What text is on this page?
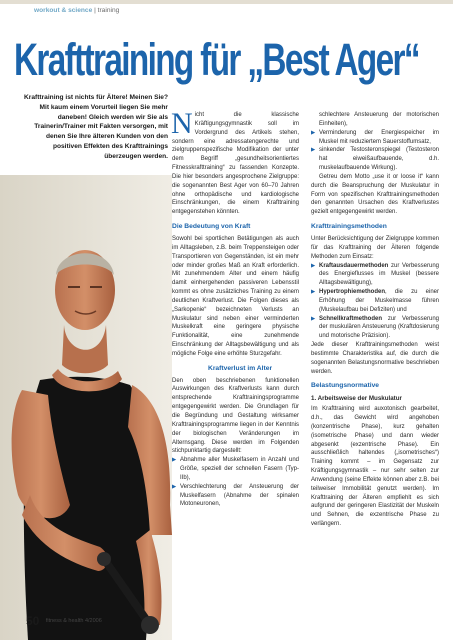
workout & science | training
Krafttraining für „Best Ager“

Krafttraining ist nichts für Ältere! Meinen Sie? Mit kaum einem Vorurteil liegen Sie mehr daneben! Gleich werden wir Sie als Trainerin/Trainer mit Fakten versorgen, mit denen Sie Ihre älteren Kunden von den positiven Effekten des Krafttrainings überzeugen werden.

Nicht die klassische Kräftigungsgymnastik soll im Vordergrund des Artikels stehen, sondern eine adressatengerechte und zielgruppenspezifische Modifikation der unter dem Begriff „gesundheitsorientiertes Fitnesskrafttraining“ zu fassenden Konzepte. Die hier besonders angesprochene Zielgruppe: die sogenannten Best Ager von 60–70 Jahren ohne orthopädische und kardiologische Einschränkungen, die einem Krafttraining entgegenstehen könnten.

Die Bedeutung von Kraft

Sowohl bei sportlichen Betätigungen als auch im Alltagsleben, z.B. beim Treppensteigen oder Transportieren von Gegenständen, ist ein mehr oder minder großes Maß an Kraft erforderlich. Mit zunehmendem Alter und einem häufig damit einhergehenden passiveren Lebensstil kommt es ohne zusätzliches Training zu einem deutlichen Kraftverlust. Die Folgen dieses als „Sarkopenie“ bezeichneten Verlusts an Muskulatur sind neben einer verminderten Muskelkraft eine geringere physische Funktionalität, eine zunehmende Einschränkung der Alltagsbewältigung und als mögliche Folge eine erhöhte Sturzgefahr.

Kraftverlust im Alter

Den oben beschriebenen funktionellen Auswirkungen des Kraftverlusts kann durch entsprechende Krafttrainingsprogramme entgegengewirkt werden. Die Grundlagen für die Begründung und Gestaltung wirksamer Krafttrainingsprogramme liegen in der Kenntnis der biologischen Veränderungen im Alternsgang. Diese werden im Folgenden stichpunktartig dargestellt:

▶ Abnahme aller Muskelfasern in Anzahl und Größe, speziell der schnellen Fasern (Typ-IIb),
▶ Verschlechterung der Ansteuerung der Muskelfasern (Abnahme der spinalen Motoneuronen,

schlechtere Ansteuerung der motorischen Einheiten),

▶ Verminderung der Energiespeicher im Muskel mit reduziertem Sauerstoffumsatz,
▶ sinkender Testosteronspiegel (Testosteron hat eiweißaufbauende, d.h. muskelaufbauende Wirkung).

Getreu dem Motto „use it or loose it“ kann durch die Beanspruchung der Muskulatur in Form von spezifischen Krafttrainingsmethoden den genannten Ursachen des Kraftverlustes gezielt entgegengewirkt werden.

Krafttrainingsmethoden

Unter Berücksichtigung der Zielgruppe kommen für das Krafttraining der Älteren folgende Methoden zum Einsatz:

▶ Kraftausdauermethoden zur Verbesserung des Energieflusses im Muskel (bessere Alltagsbewältigung),
▶ Hypertrophiemethoden, die zu einer Erhöhung der Muskelmasse führen (Muskelaufbau bei Defiziten) und
▶ Schnellkraftmethoden zur Verbesserung der muskulären Ansteuerung (Kraftdosierung und motorische Präzision).

Jede dieser Krafttrainingsmethoden weist bestimmte Charakteristika auf, die durch die sogenannten Belastungsnormative beschrieben werden.

Belastungsnormative
1. Arbeitsweise der Muskulatur

Im Krafttraining wird auxotonisch gearbeitet, d.h., das Gewicht wird angehoben (konzentrische Phase), kurz gehalten (isometrische Phase) und dann wieder abgesenkt (exzentrische Phase). Ein ausschließlich haltendes („isometrisches“) Training kommt – im Gegensatz zur Kräftigungsgymnastik – nur sehr selten zur Anwendung (seine Effekte können aber z.B. bei teilweiser Immobilität genutzt werden). Im Krafttraining der Älteren empfiehlt es sich aufgrund der geringeren Elastizität der Muskeln und Sehnen, die exzentrische Phase zu verlängern.

50 fitness & health 4/2006
